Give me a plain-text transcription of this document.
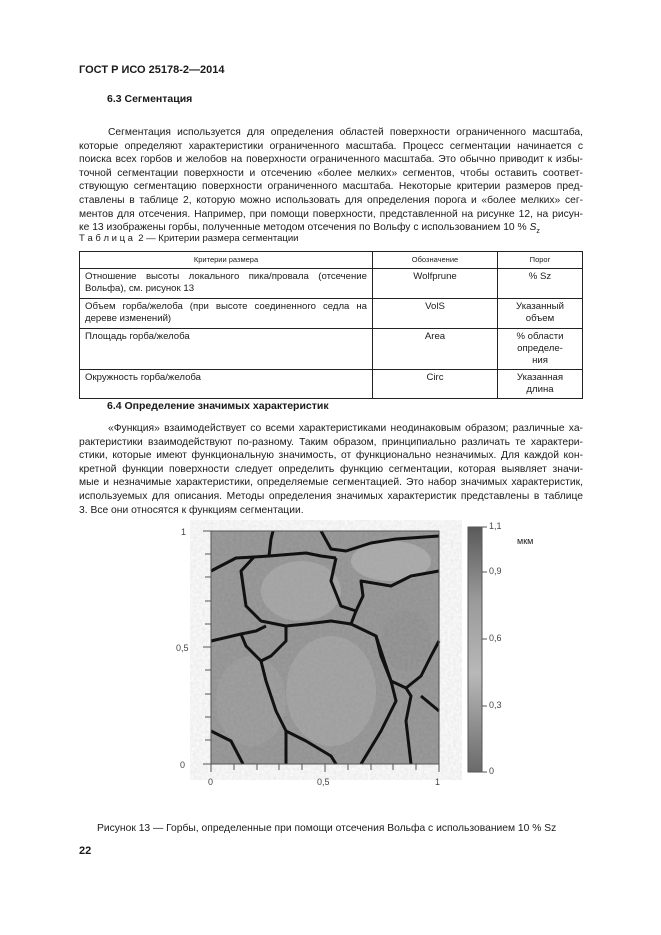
ГОСТ Р ИСО 25178-2—2014
6.3 Сегментация
Сегментация используется для определения областей поверхности ограниченного масштаба,
которые определяют характеристики ограниченного масштаба. Процесс сегментации начинается с
поиска всех горбов и желобов на поверхности ограниченного масштаба. Это обычно приводит к избы-
точной сегментации поверхности и отсечению «более мелких» сегментов, чтобы оставить соответ-
ствующую сегментацию поверхности ограниченного масштаба. Некоторые критерии размеров пред-
ставлены в таблице 2, которую можно использовать для определения порога и «более мелких» сег-
ментов для отсечения. Например, при помощи поверхности, представленной на рисунке 12, на рисун-
ке 13 изображены горбы, полученные методом отсечения по Вольфу с использованием 10 % $S_z$
Т а б л и ц а  2 — Критерии размера сегментации
Критерии размера	Обозначение	Порог
Отношение высоты локального пика/провала (отсечение Вольфа), см. рисунок 13	Wolfprune	% Sz
Объем горба/желоба (при высоте соединенного седла на дереве изменений)	VolS	Указанный объем
Площадь горба/желоба	Area	% области определе-ния
Окружность горба/желоба	Circ	Указанная длина
6.4 Определение значимых характеристик
«Функция» взаимодействует со всеми характеристиками неодинаковым образом; различные ха-
рактеристики взаимодействуют по-разному. Таким образом, принципиально различать те характери-
стики, которые имеют функциональную значимость, от функционально незначимых. Для каждой кон-
кретной функции поверхности следует определить функцию сегментации, которая выявляет значи-
мые и незначимые характеристики, определяемые сегментацией. Это набор значимых характеристик,
используемых для описания. Методы определения значимых характеристик представлены в таблице
3. Все они относятся к функциям сегментации.
1
0,5
0
0	0,5	1
1,1
0,9
0,6
0,3
0
мкм
Рисунок 13 — Горбы, определенные при помощи отсечения Вольфа с использованием 10 % Sz
22
